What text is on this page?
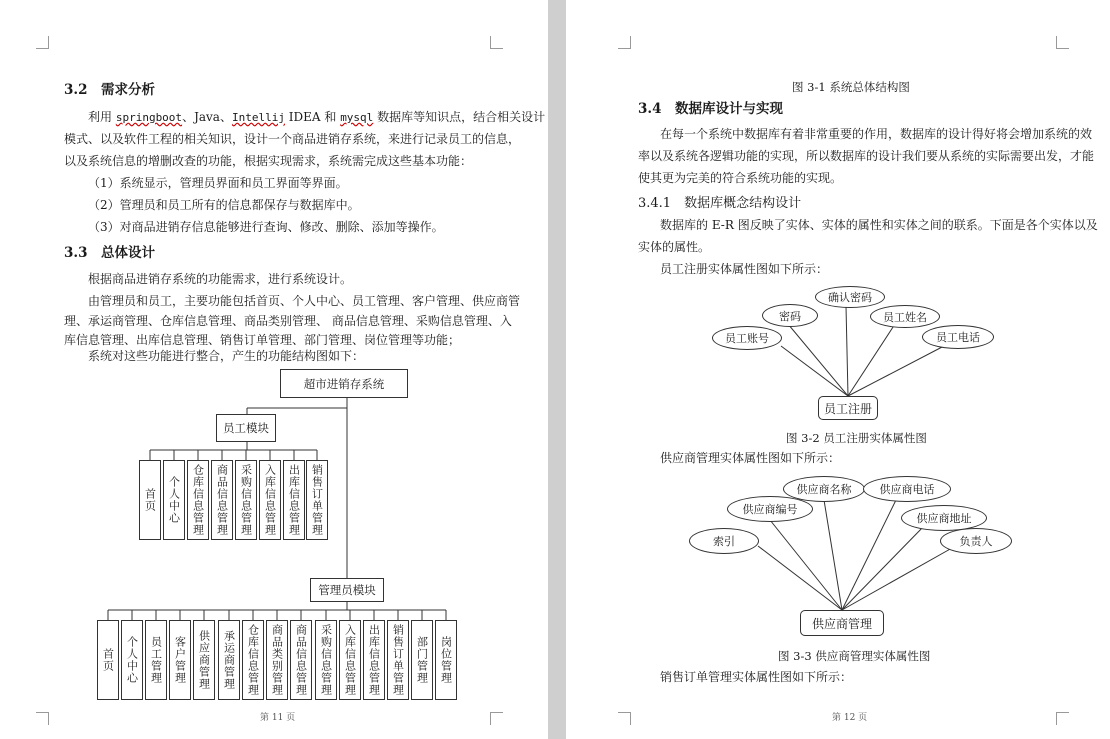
3.2　需求分析
利用 springboot、Java、Intellij IDEA 和 mysql 数据库等知识点，结合相关设计
模式、以及软件工程的相关知识，设计一个商品进销存系统，来进行记录员工的信息，
以及系统信息的增删改查的功能，根据实现需求，系统需完成这些基本功能：
（1）系统显示，管理员界面和员工界面等界面。
（2）管理员和员工所有的信息都保存与数据库中。
（3）对商品进销存信息能够进行查询、修改、删除、添加等操作。
3.3　总体设计
根据商品进销存系统的功能需求，进行系统设计。
由管理员和员工，主要功能包括首页、个人中心、员工管理、客户管理、供应商管
理、承运商管理、仓库信息管理、商品类别管理、 商品信息管理、采购信息管理、入
库信息管理、出库信息管理、销售订单管理、部门管理、岗位管理等功能；
系统对这些功能进行整合，产生的功能结构图如下：
超市进销存系统
员工模块
首页	个人中心	仓库信息管理	商品信息管理	采购信息管理	入库信息管理	出库信息管理 销售订单管理
管理员模块
首页	个人中心	员工管理	客户管理	供应商管理	承运商管理	仓库信息管理	商品类别管理	商品信息管理	采购信息管理	入库信息管理	出库信息管理	销售订单管理	部门管理	岗位管理
第 11 页
图 3-1 系统总体结构图
3.4　数据库设计与实现
在每一个系统中数据库有着非常重要的作用，数据库的设计得好将会增加系统的效
率以及系统各逻辑功能的实现，所以数据库的设计我们要从系统的实际需要出发，才能
使其更为完美的符合系统功能的实现。
3.4.1　数据库概念结构设计
数据库的 E-R 图反映了实体、实体的属性和实体之间的联系。下面是各个实体以及
实体的属性。
员工注册实体属性图如下所示：
员工账号
密码
确认密码
员工姓名
员工电话
员工注册
图 3-2 员工注册实体属性图
供应商管理实体属性图如下所示：
索引
供应商编号
供应商名称	供应商电话
供应商地址
负责人
供应商管理
图 3-3 供应商管理实体属性图
销售订单管理实体属性图如下所示：
第 12 页
